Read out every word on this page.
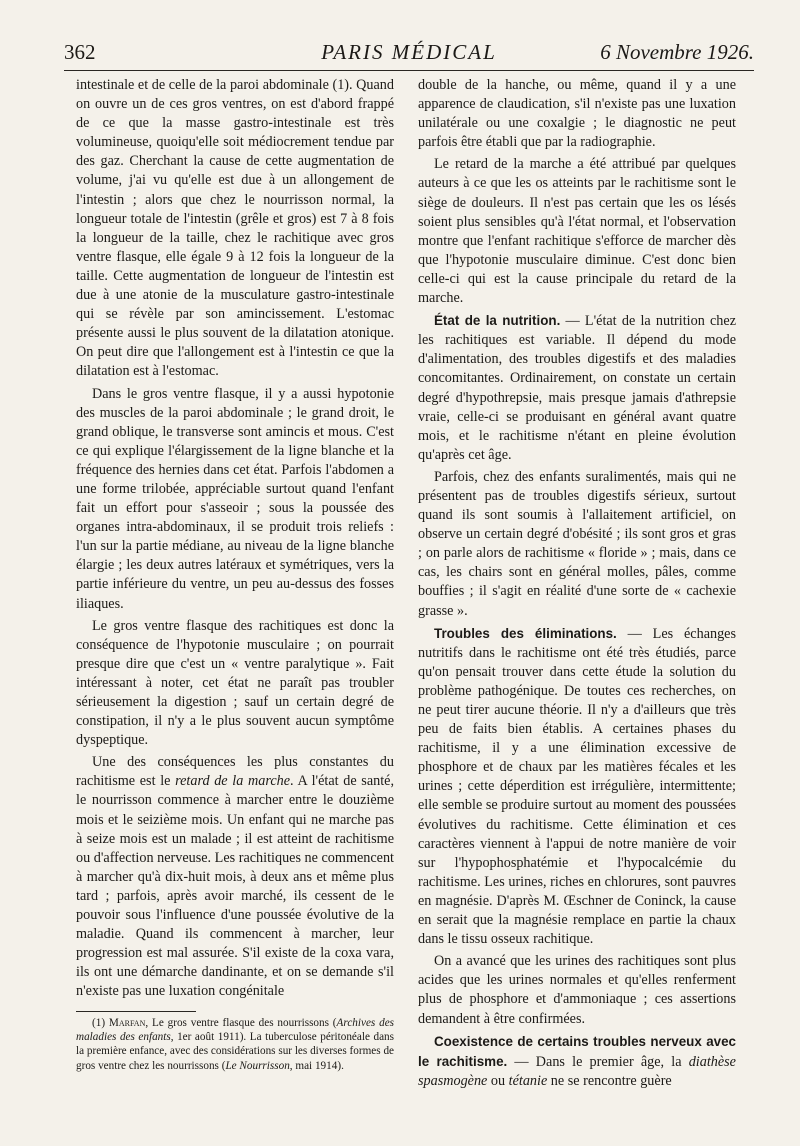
362	PARIS MÉDICAL	6 Novembre 1926.

intestinale et de celle de la paroi abdominale (1). Quand on ouvre un de ces gros ventres, on est d'abord frappé de ce que la masse gastro-intestinale est très volumineuse, quoiqu'elle soit médiocrement tendue par des gaz. Cherchant la cause de cette augmentation de volume, j'ai vu qu'elle est due à un allongement de l'intestin ; alors que chez le nourrisson normal, la longueur totale de l'intestin (grêle et gros) est 7 à 8 fois la longueur de la taille, chez le rachitique avec gros ventre flasque, elle égale 9 à 12 fois la longueur de la taille. Cette augmentation de longueur de l'intestin est due à une atonie de la musculature gastro-intestinale qui se révèle par son amincissement. L'estomac présente aussi le plus souvent de la dilatation atonique. On peut dire que l'allongement est à l'intestin ce que la dilatation est à l'estomac.

Dans le gros ventre flasque, il y a aussi hypotonie des muscles de la paroi abdominale ; le grand droit, le grand oblique, le transverse sont amincis et mous. C'est ce qui explique l'élargissement de la ligne blanche et la fréquence des hernies dans cet état. Parfois l'abdomen a une forme trilobée, appréciable surtout quand l'enfant fait un effort pour s'asseoir ; sous la poussée des organes intra-abdominaux, il se produit trois reliefs : l'un sur la partie médiane, au niveau de la ligne blanche élargie ; les deux autres latéraux et symétriques, vers la partie inférieure du ventre, un peu au-dessus des fosses iliaques.

Le gros ventre flasque des rachitiques est donc la conséquence de l'hypotonie musculaire ; on pourrait presque dire que c'est un « ventre paralytique ». Fait intéressant à noter, cet état ne paraît pas troubler sérieusement la digestion ; sauf un certain degré de constipation, il n'y a le plus souvent aucun symptôme dyspeptique.

Une des conséquences les plus constantes du rachitisme est le retard de la marche. A l'état de santé, le nourrisson commence à marcher entre le douzième mois et le seizième mois. Un enfant qui ne marche pas à seize mois est un malade ; il est atteint de rachitisme ou d'affection nerveuse. Les rachitiques ne commencent à marcher qu'à dix-huit mois, à deux ans et même plus tard ; parfois, après avoir marché, ils cessent de le pouvoir sous l'influence d'une poussée évolutive de la maladie. Quand ils commencent à marcher, leur progression est mal assurée. S'il existe de la coxa vara, ils ont une démarche dandinante, et on se demande s'il n'existe pas une luxation congénitale

(1) Marfan, Le gros ventre flasque des nourrissons (Archives des maladies des enfants, 1er août 1911). La tuberculose péritonéale dans la première enfance, avec des considérations sur les diverses formes de gros ventre chez les nourrissons (Le Nourrisson, mai 1914).

double de la hanche, ou même, quand il y a une apparence de claudication, s'il n'existe pas une luxation unilatérale ou une coxalgie ; le diagnostic ne peut parfois être établi que par la radiographie.

Le retard de la marche a été attribué par quelques auteurs à ce que les os atteints par le rachitisme sont le siège de douleurs. Il n'est pas certain que les os lésés soient plus sensibles qu'à l'état normal, et l'observation montre que l'enfant rachitique s'efforce de marcher dès que l'hypotonie musculaire diminue. C'est donc bien celle-ci qui est la cause principale du retard de la marche.

État de la nutrition. — L'état de la nutrition chez les rachitiques est variable. Il dépend du mode d'alimentation, des troubles digestifs et des maladies concomitantes. Ordinairement, on constate un certain degré d'hypothrepsie, mais presque jamais d'athrepsie vraie, celle-ci se produisant en général avant quatre mois, et le rachitisme n'étant en pleine évolution qu'après cet âge.

Parfois, chez des enfants suralimentés, mais qui ne présentent pas de troubles digestifs sérieux, surtout quand ils sont soumis à l'allaitement artificiel, on observe un certain degré d'obésité ; ils sont gros et gras ; on parle alors de rachitisme « floride » ; mais, dans ce cas, les chairs sont en général molles, pâles, comme bouffies ; il s'agit en réalité d'une sorte de « cachexie grasse ».

Troubles des éliminations. — Les échanges nutritifs dans le rachitisme ont été très étudiés, parce qu'on pensait trouver dans cette étude la solution du problème pathogénique. De toutes ces recherches, on ne peut tirer aucune théorie. Il n'y a d'ailleurs que très peu de faits bien établis. A certaines phases du rachitisme, il y a une élimination excessive de phosphore et de chaux par les matières fécales et les urines ; cette déperdition est irrégulière, intermittente; elle semble se produire surtout au moment des poussées évolutives du rachitisme. Cette élimination et ces caractères viennent à l'appui de notre manière de voir sur l'hypophosphatémie et l'hypocalcémie du rachitisme. Les urines, riches en chlorures, sont pauvres en magnésie. D'après M. Œschner de Coninck, la cause en serait que la magnésie remplace en partie la chaux dans le tissu osseux rachitique.

On a avancé que les urines des rachitiques sont plus acides que les urines normales et qu'elles renferment plus de phosphore et d'ammoniaque ; ces assertions demandent à être confirmées.

Coexistence de certains troubles nerveux avec le rachitisme. — Dans le premier âge, la diathèse spasmogène ou tétanie ne se rencontre guère
